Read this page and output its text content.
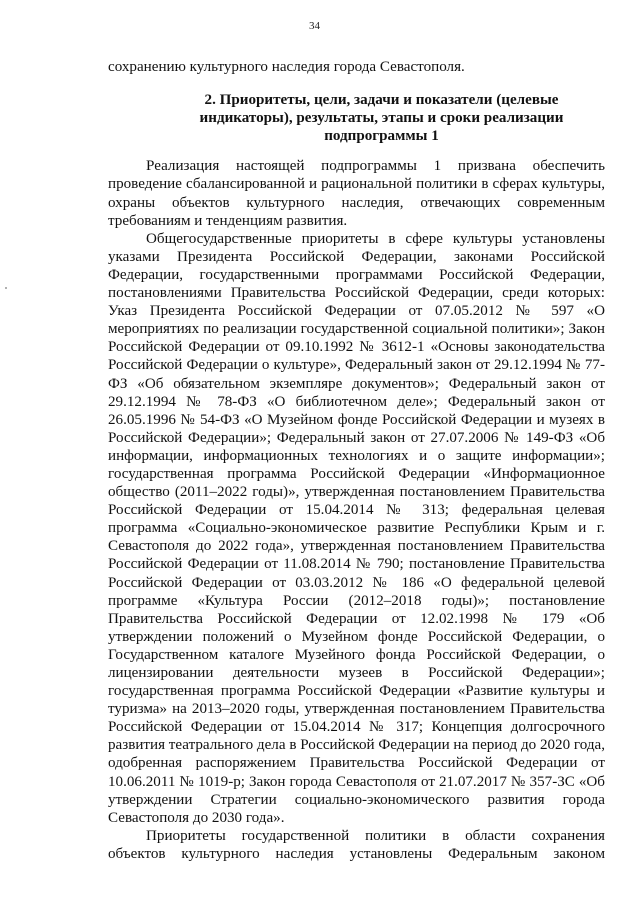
34

сохранению культурного наследия города Севастополя.

2. Приоритеты, цели, задачи и показатели (целевые индикаторы), результаты, этапы и сроки реализации подпрограммы 1

Реализация настоящей подпрограммы 1 призвана обеспечить проведение сбалансированной и рациональной политики в сферах культуры, охраны объектов культурного наследия, отвечающих современным требованиям и тенденциям развития.

Общегосударственные приоритеты в сфере культуры установлены указами Президента Российской Федерации, законами Российской Федерации, государственными программами Российской Федерации, постановлениями Правительства Российской Федерации, среди которых: Указ Президента Российской Федерации от 07.05.2012 № 597 «О мероприятиях по реализации государственной социальной политики»; Закон Российской Федерации от 09.10.1992 № 3612-1 «Основы законодательства Российской Федерации о культуре», Федеральный закон от 29.12.1994 № 77-ФЗ «Об обязательном экземпляре документов»; Федеральный закон от 29.12.1994 № 78-ФЗ «О библиотечном деле»; Федеральный закон от 26.05.1996 № 54-ФЗ «О Музейном фонде Российской Федерации и музеях в Российской Федерации»; Федеральный закон от 27.07.2006 № 149-ФЗ «Об информации, информационных технологиях и о защите информации»; государственная программа Российской Федерации «Информационное общество (2011–2022 годы)», утвержденная постановлением Правительства Российской Федерации от 15.04.2014 № 313; федеральная целевая программа «Социально-экономическое развитие Республики Крым и г. Севастополя до 2022 года», утвержденная постановлением Правительства Российской Федерации от 11.08.2014 № 790; постановление Правительства Российской Федерации от 03.03.2012 № 186 «О федеральной целевой программе «Культура России (2012–2018 годы)»; постановление Правительства Российской Федерации от 12.02.1998 № 179 «Об утверждении положений о Музейном фонде Российской Федерации, о Государственном каталоге Музейного фонда Российской Федерации, о лицензировании деятельности музеев в Российской Федерации»; государственная программа Российской Федерации «Развитие культуры и туризма» на 2013–2020 годы, утвержденная постановлением Правительства Российской Федерации от 15.04.2014 № 317; Концепция долгосрочного развития театрального дела в Российской Федерации на период до 2020 года, одобренная распоряжением Правительства Российской Федерации от 10.06.2011 № 1019-р; Закон города Севастополя от 21.07.2017 № 357-ЗС «Об утверждении Стратегии социально-экономического развития города Севастополя до 2030 года».

Приоритеты государственной политики в области сохранения объектов культурного наследия установлены Федеральным законом
